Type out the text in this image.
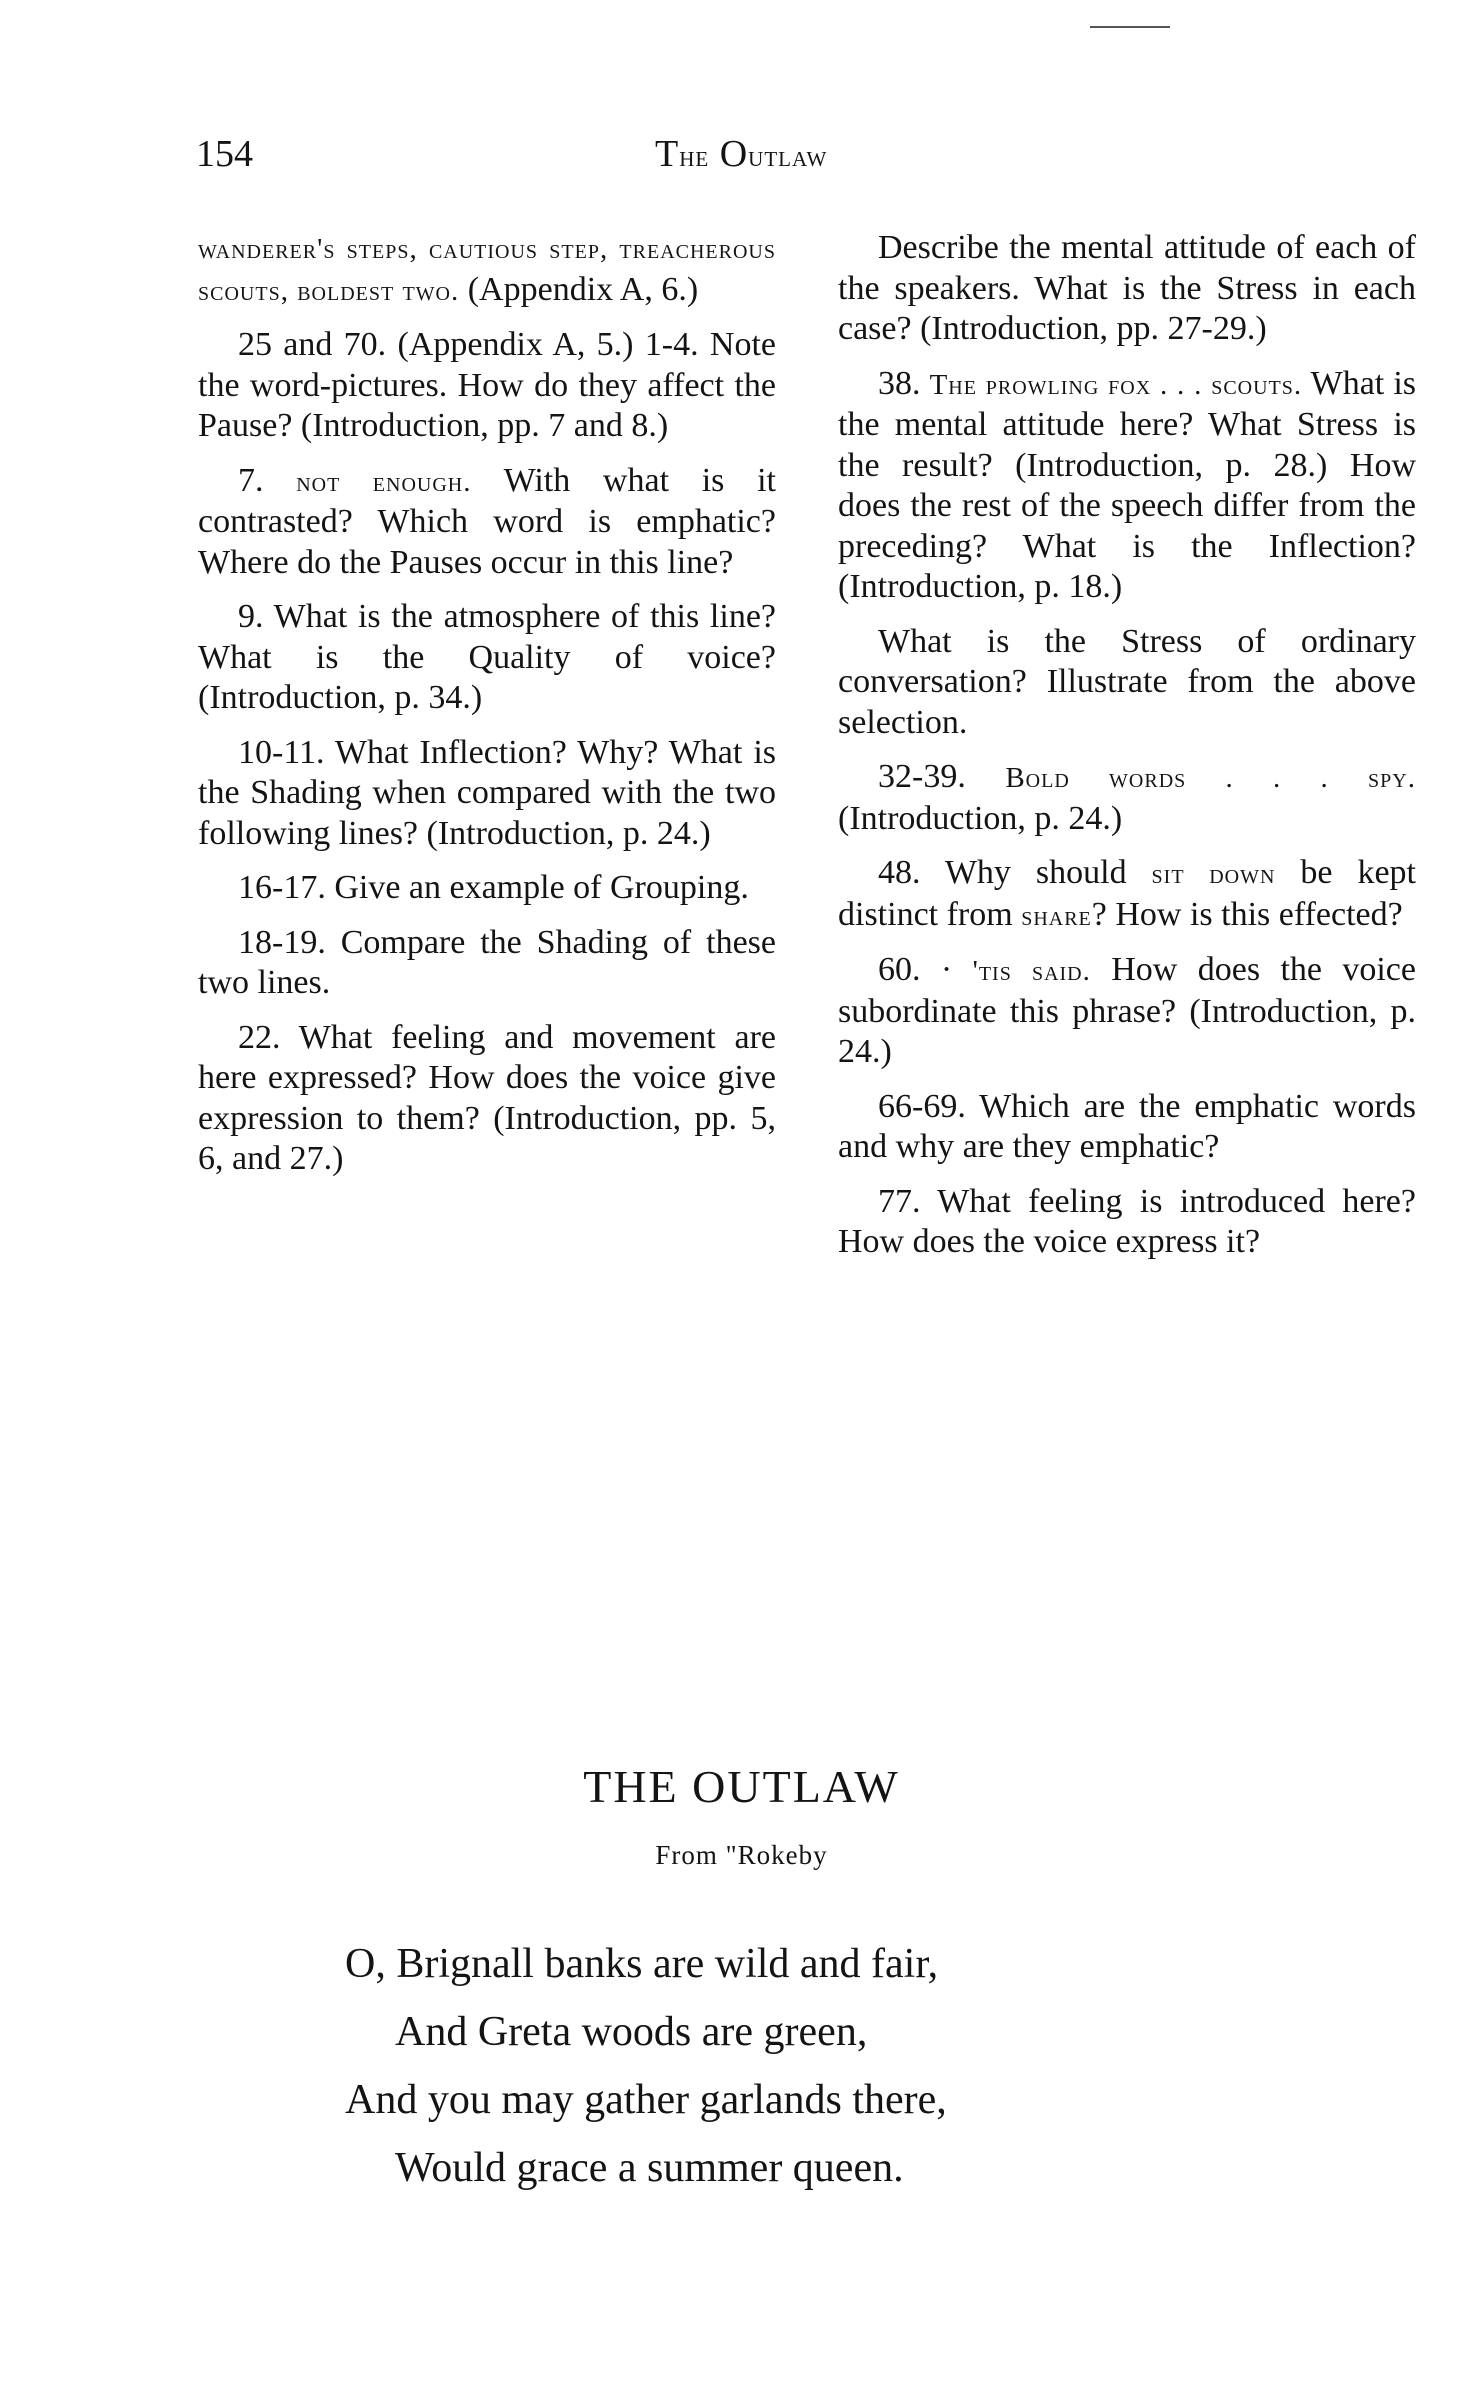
154	The Outlaw

wanderer's steps, cautious step, treacherous scouts, boldest two. (Appendix A, 6.)

25 and 70. (Appendix A, 5.) 1-4. Note the word-pictures. How do they affect the Pause? (Introduction, pp. 7 and 8.)

7. not enough. With what is it contrasted? Which word is emphatic? Where do the Pauses occur in this line?

9. What is the atmosphere of this line? What is the Quality of voice? (Introduction, p. 34.)

10-11. What Inflection? Why? What is the Shading when compared with the two following lines? (Introduction, p. 24.)

16-17. Give an example of Grouping.

18-19. Compare the Shading of these two lines.

22. What feeling and movement are here expressed? How does the voice give expression to them? (Introduction, pp. 5, 6, and 27.)

Describe the mental attitude of each of the speakers. What is the Stress in each case? (Introduction, pp. 27-29.)

38. The prowling fox . . . scouts. What is the mental attitude here? What Stress is the result? (Introduction, p. 28.) How does the rest of the speech differ from the preceding? What is the Inflection? (Introduction, p. 18.)

What is the Stress of ordinary conversation? Illustrate from the above selection.

32-39. Bold words . . . spy. (Introduction, p. 24.)

48. Why should sit down be kept distinct from share? How is this effected?

60. · 'tis said. How does the voice subordinate this phrase? (Introduction, p. 24.)

66-69. Which are the emphatic words and why are they emphatic?

77. What feeling is introduced here? How does the voice express it?

THE OUTLAW
From "Rokeby
O, Brignall banks are wild and fair,
And Greta woods are green,
And you may gather garlands there,
Would grace a summer queen.
